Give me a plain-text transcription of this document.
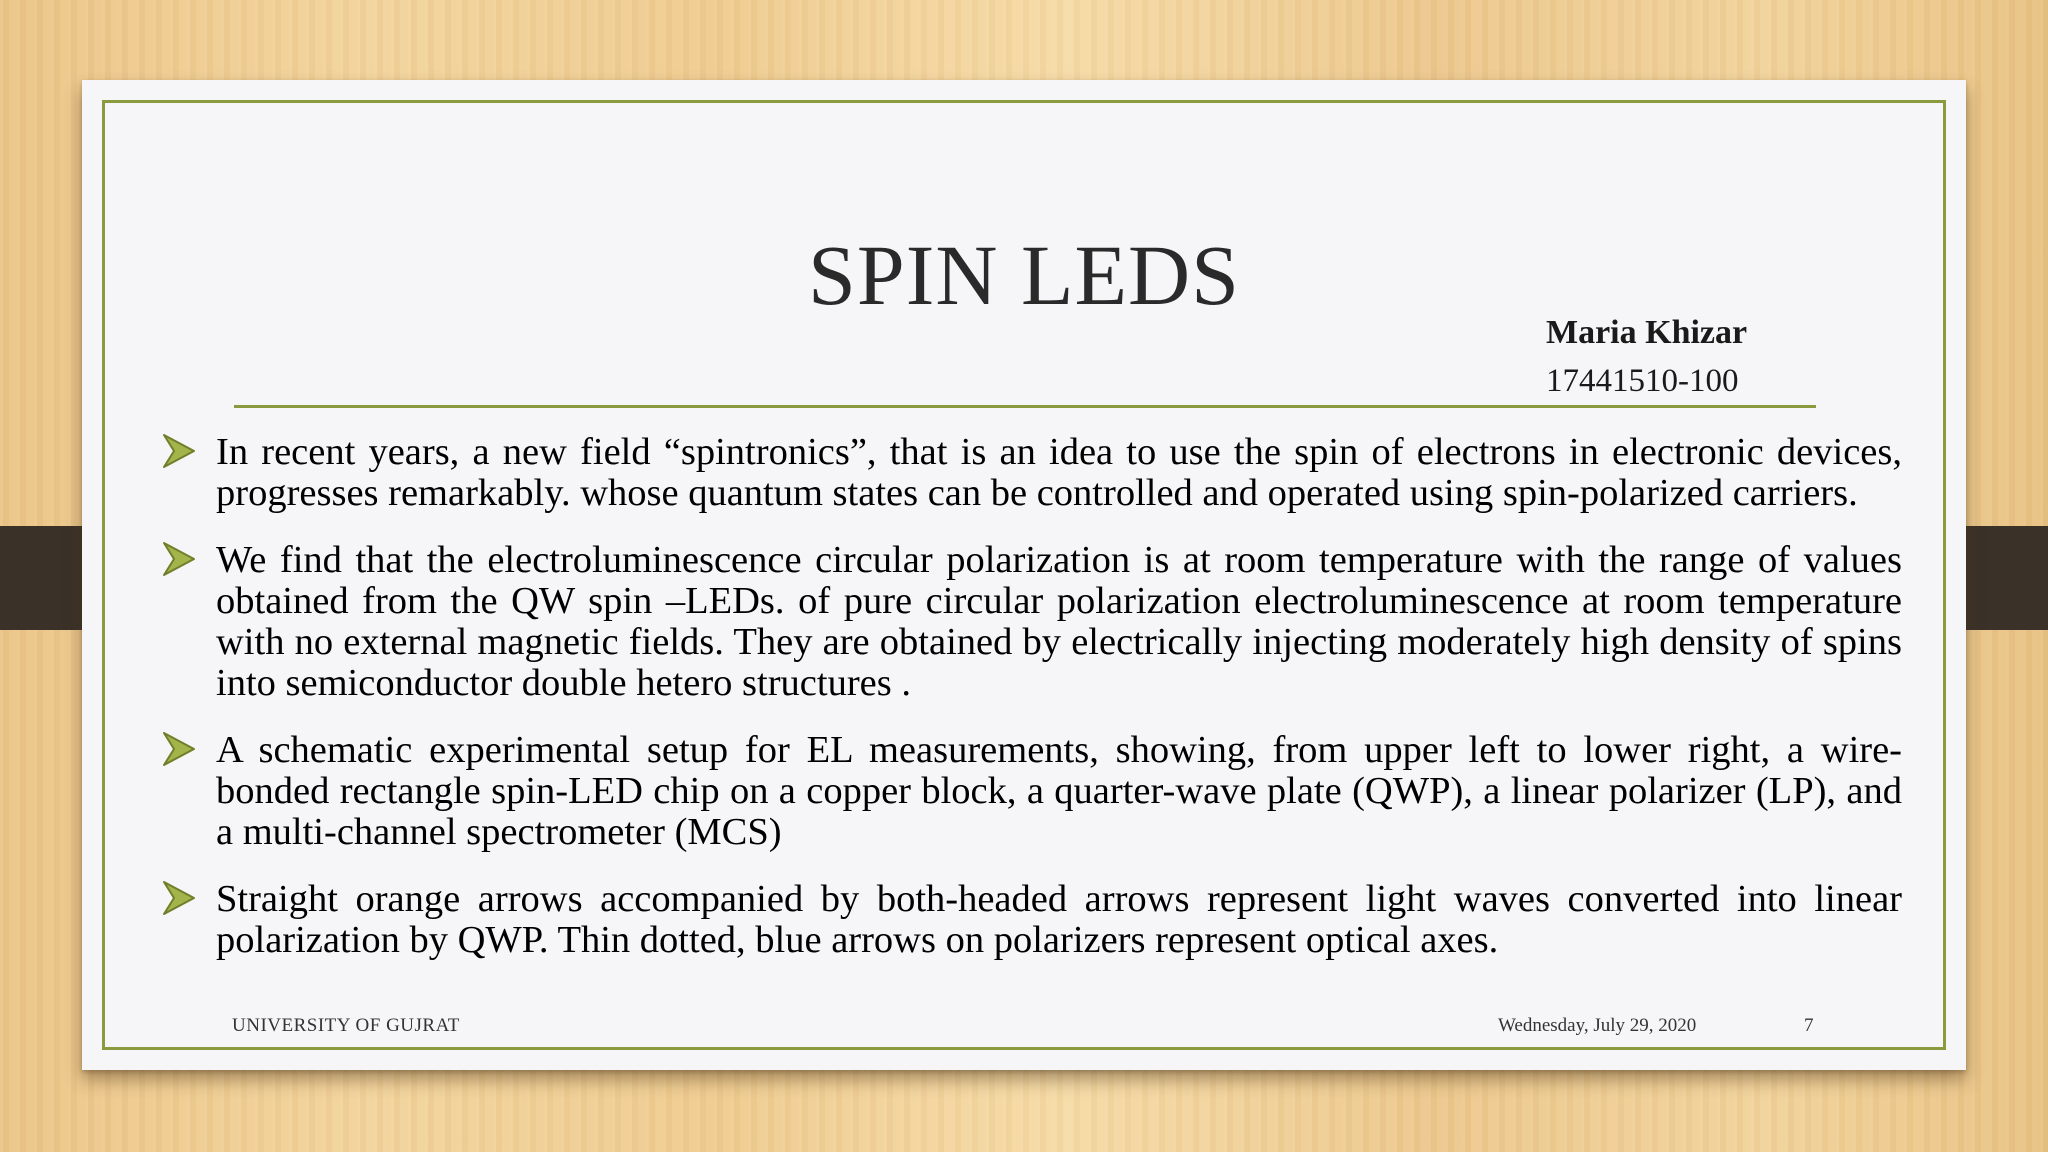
SPIN LEDS
Maria Khizar
17441510-100
In recent years, a new field “spintronics”, that is an idea to use the spin of electrons in electronic devices, progresses remarkably. whose quantum states can be controlled and operated using spin-polarized carriers.
We find that the electroluminescence circular polarization is at room temperature with the range of values obtained from the QW spin –LEDs. of pure circular polarization electroluminescence at room temperature with no external magnetic fields. They are obtained by electrically injecting moderately high density of spins into semiconductor double hetero structures .
A schematic experimental setup for EL measurements, showing, from upper left to lower right, a wire-bonded rectangle spin-LED chip on a copper block, a quarter-wave plate (QWP), a linear polarizer (LP), and a multi-channel spectrometer (MCS)
Straight orange arrows accompanied by both-headed arrows represent light waves converted into linear polarization by QWP. Thin dotted, blue arrows on polarizers represent optical axes.
UNIVERSITY OF GUJRAT	Wednesday, July 29, 2020	7
